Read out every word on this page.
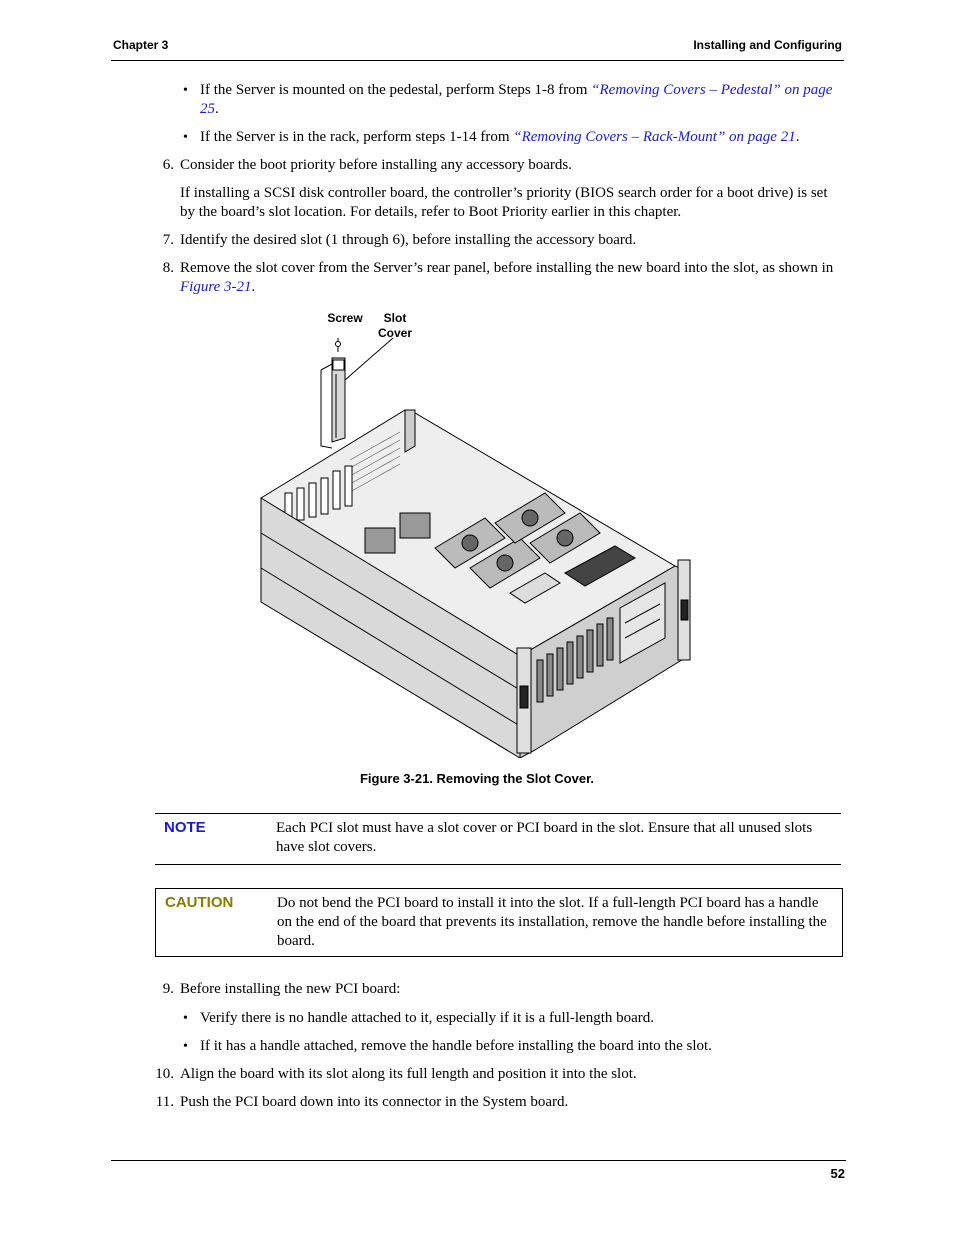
Chapter 3	Installing and Configuring
• If the Server is mounted on the pedestal, perform Steps 1-8 from “Removing Covers – Pedestal” on page
25.
• If the Server is in the rack, perform steps 1-14 from “Removing Covers – Rack-Mount” on page 21.
6. Consider the boot priority before installing any accessory boards.
If installing a SCSI disk controller board, the controller’s priority (BIOS search order for a boot drive) is set by the board’s slot location. For details, refer to Boot Priority earlier in this chapter.
7. Identify the desired slot (1 through 6), before installing the accessory board.
8. Remove the slot cover from the Server’s rear panel, before installing the new board into the slot, as shown in Figure 3-21.
Screw	Slot
Cover
Figure 3-21. Removing the Slot Cover.
NOTE	Each PCI slot must have a slot cover or PCI board in the slot. Ensure that all unused slots have slot covers.
CAUTION	Do not bend the PCI board to install it into the slot. If a full-length PCI board has a handle on the end of the board that prevents its installation, remove the handle before installing the board.
9. Before installing the new PCI board:
• Verify there is no handle attached to it, especially if it is a full-length board.
• If it has a handle attached, remove the handle before installing the board into the slot.
10. Align the board with its slot along its full length and position it into the slot.
11. Push the PCI board down into its connector in the System board.
52
